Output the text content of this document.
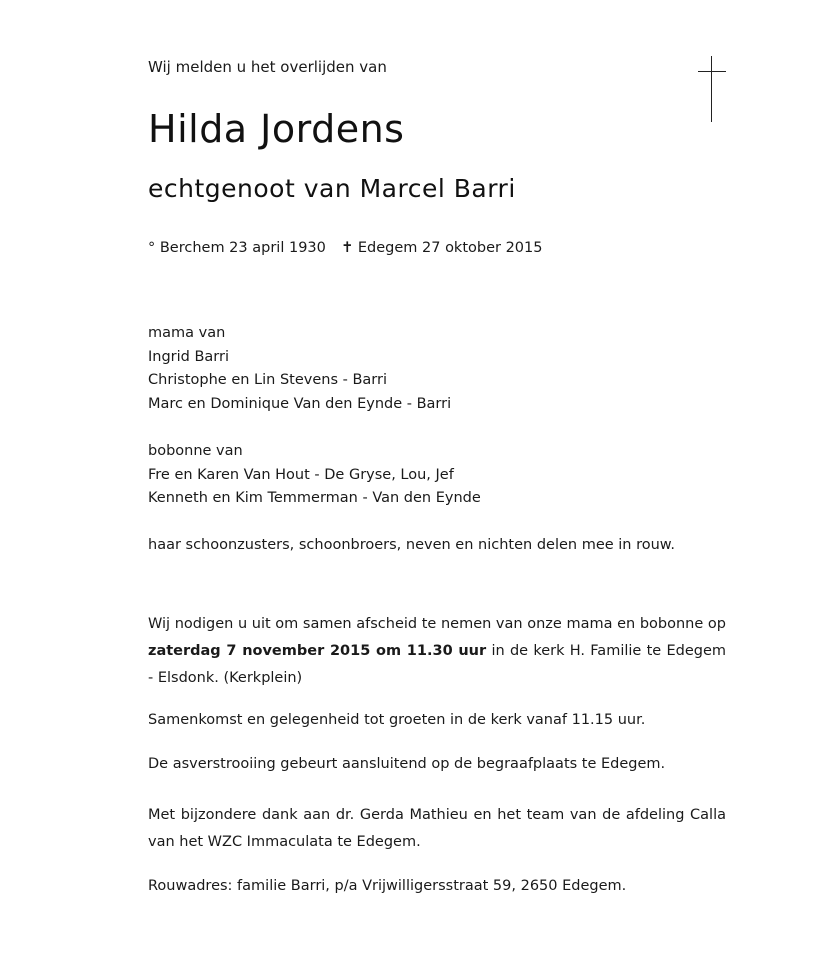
Wij melden u het overlijden van
Hilda Jordens
echtgenoot van Marcel Barri
° Berchem 23 april 1930 ✝ Edegem 27 oktober 2015
mama van
Ingrid Barri
Christophe en Lin Stevens - Barri
Marc en Dominique Van den Eynde - Barri
bobonne van
Fre en Karen Van Hout - De Gryse, Lou, Jef
Kenneth en Kim Temmerman - Van den Eynde
haar schoonzusters, schoonbroers, neven en nichten delen mee in rouw.
Wij nodigen u uit om samen afscheid te nemen van onze mama en bobonne op zaterdag 7 november 2015 om 11.30 uur in de kerk H. Familie te Edegem - Elsdonk. (Kerkplein)
Samenkomst en gelegenheid tot groeten in de kerk vanaf 11.15 uur.
De asverstrooiing gebeurt aansluitend op de begraafplaats te Edegem.
Met bijzondere dank aan dr. Gerda Mathieu en het team van de afdeling Calla van het WZC Immaculata te Edegem.
Rouwadres: familie Barri, p/a Vrijwilligersstraat 59, 2650 Edegem.
